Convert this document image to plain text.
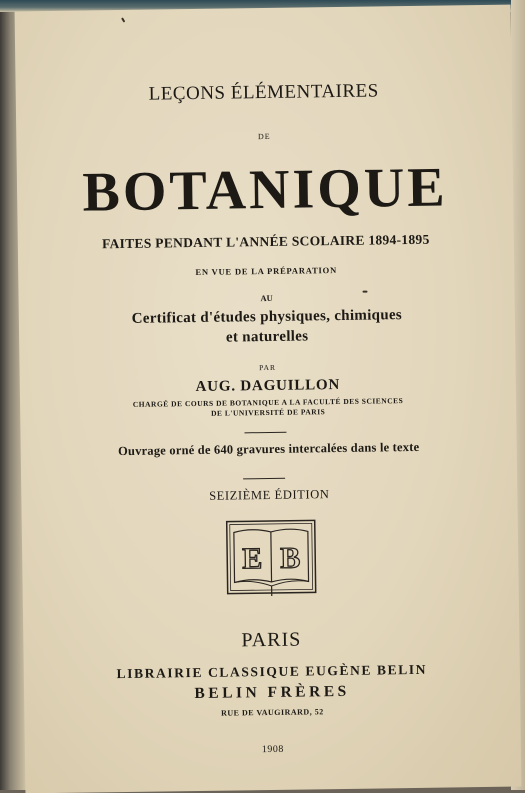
LEÇONS ÉLÉMENTAIRES
DE
BOTANIQUE
FAITES PENDANT L'ANNÉE SCOLAIRE 1894-1895
EN VUE DE LA PRÉPARATION
AU
Certificat d'études physiques, chimiques
et naturelles
PAR
AUG. DAGUILLON
CHARGÉ DE COURS DE BOTANIQUE A LA FACULTÉ DES SCIENCES
DE L'UNIVERSITÉ DE PARIS
Ouvrage orné de 640 gravures intercalées dans le texte
SEIZIÈME ÉDITION
E B
PARIS
LIBRAIRIE CLASSIQUE EUGÈNE BELIN
BELIN FRÈRES
RUE DE VAUGIRARD, 52
1908
